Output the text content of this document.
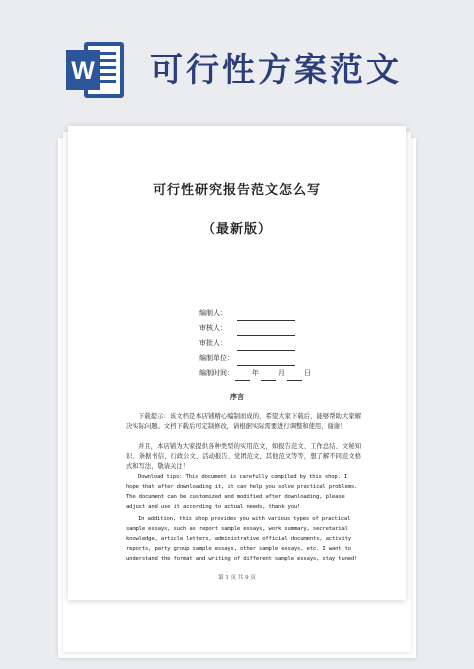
W 可行性方案范文
可行性研究报告范文怎么写
（最新版）
编制人：
审核人：
审批人：
编制单位：
编制时间：	年	月	日
序言
下载提示：该文档是本店铺精心编制而成的，希望大家下载后，能够帮助大家解决实际问题。文档下载后可定制修改，请根据实际需要进行调整和使用，谢谢！
并且，本店铺为大家提供各种类型的实用范文，如报告范文、工作总结、文秘知识、条据书信、行政公文、活动报告、党团范文、其他范文等等，想了解不同范文格式和写法，敬请关注！
Download tips: This document is carefully compiled by this shop. I hope that after downloading it, it can help you solve practical problems. The document can be customized and modified after downloading, please adjust and use it according to actual needs, thank you!
In addition, this shop provides you with various types of practical sample essays, such as report sample essays, work summary, secretarial knowledge, article letters, administrative official documents, activity reports, party group sample essays, other sample essays, etc. I want to understand the format and writing of different sample essays, stay tuned!
第 1 页 共 9 页
